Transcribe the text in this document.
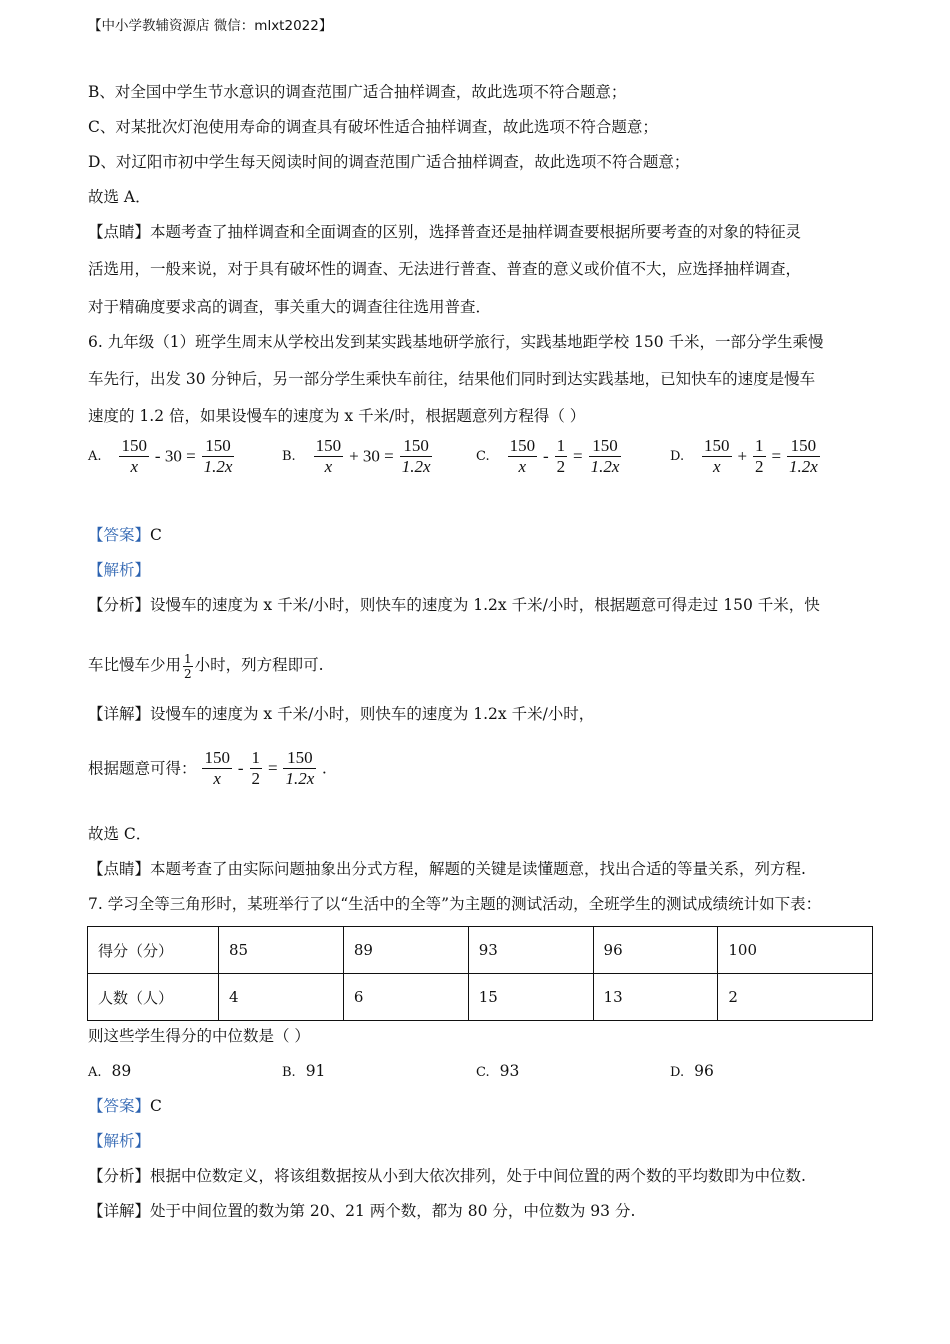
【中小学教辅资源店 微信：mlxt2022】
B、对全国中学生节水意识的调查范围广适合抽样调查，故此选项不符合题意；
C、对某批次灯泡使用寿命的调查具有破坏性适合抽样调查，故此选项不符合题意；
D、对辽阳市初中学生每天阅读时间的调查范围广适合抽样调查，故此选项不符合题意；
故选 A．
【点睛】本题考查了抽样调查和全面调查的区别，选择普查还是抽样调查要根据所要考查的对象的特征灵
活选用，一般来说，对于具有破坏性的调查、无法进行普查、普查的意义或价值不大，应选择抽样调查，
对于精确度要求高的调查，事关重大的调查往往选用普查．
6. 九年级（1）班学生周末从学校出发到某实践基地研学旅行，实践基地距学校 150 千米，一部分学生乘慢
车先行，出发 30 分钟后，另一部分学生乘快车前往，结果他们同时到达实践基地，已知快车的速度是慢车
速度的 1.2 倍，如果设慢车的速度为 x 千米/时，根据题意列方程得（ ）
A. $\frac{150}{x} - 30 = \frac{150}{1.2x}$	B. $\frac{150}{x} + 30 = \frac{150}{1.2x}$	C. $\frac{150}{x} - \frac{1}{2} = \frac{150}{1.2x}$	D. $\frac{150}{x} + \frac{1}{2} = \frac{150}{1.2x}$
【答案】C
【解析】
【分析】设慢车的速度为 x 千米/小时，则快车的速度为 1.2x 千米/小时，根据题意可得走过 150 千米，快
车比慢车少用 $\frac{1}{2}$ 小时，列方程即可.
【详解】设慢车的速度为 x 千米/小时，则快车的速度为 1.2x 千米/小时，
根据题意可得： $\frac{150}{x} - \frac{1}{2} = \frac{150}{1.2x}$ .
故选 C．
【点睛】本题考查了由实际问题抽象出分式方程，解题的关键是读懂题意，找出合适的等量关系，列方程.
7. 学习全等三角形时，某班举行了以“生活中的全等”为主题的测试活动，全班学生的测试成绩统计如下表：
得分（分）	85	89	93	96	100
人数（人）	4	6	15	13	2
则这些学生得分的中位数是（ ）
A. 89	B. 91	C. 93	D. 96
【答案】C
【解析】
【分析】根据中位数定义，将该组数据按从小到大依次排列，处于中间位置的两个数的平均数即为中位数.
【详解】处于中间位置的数为第 20、21 两个数，都为 80 分，中位数为 93 分.
